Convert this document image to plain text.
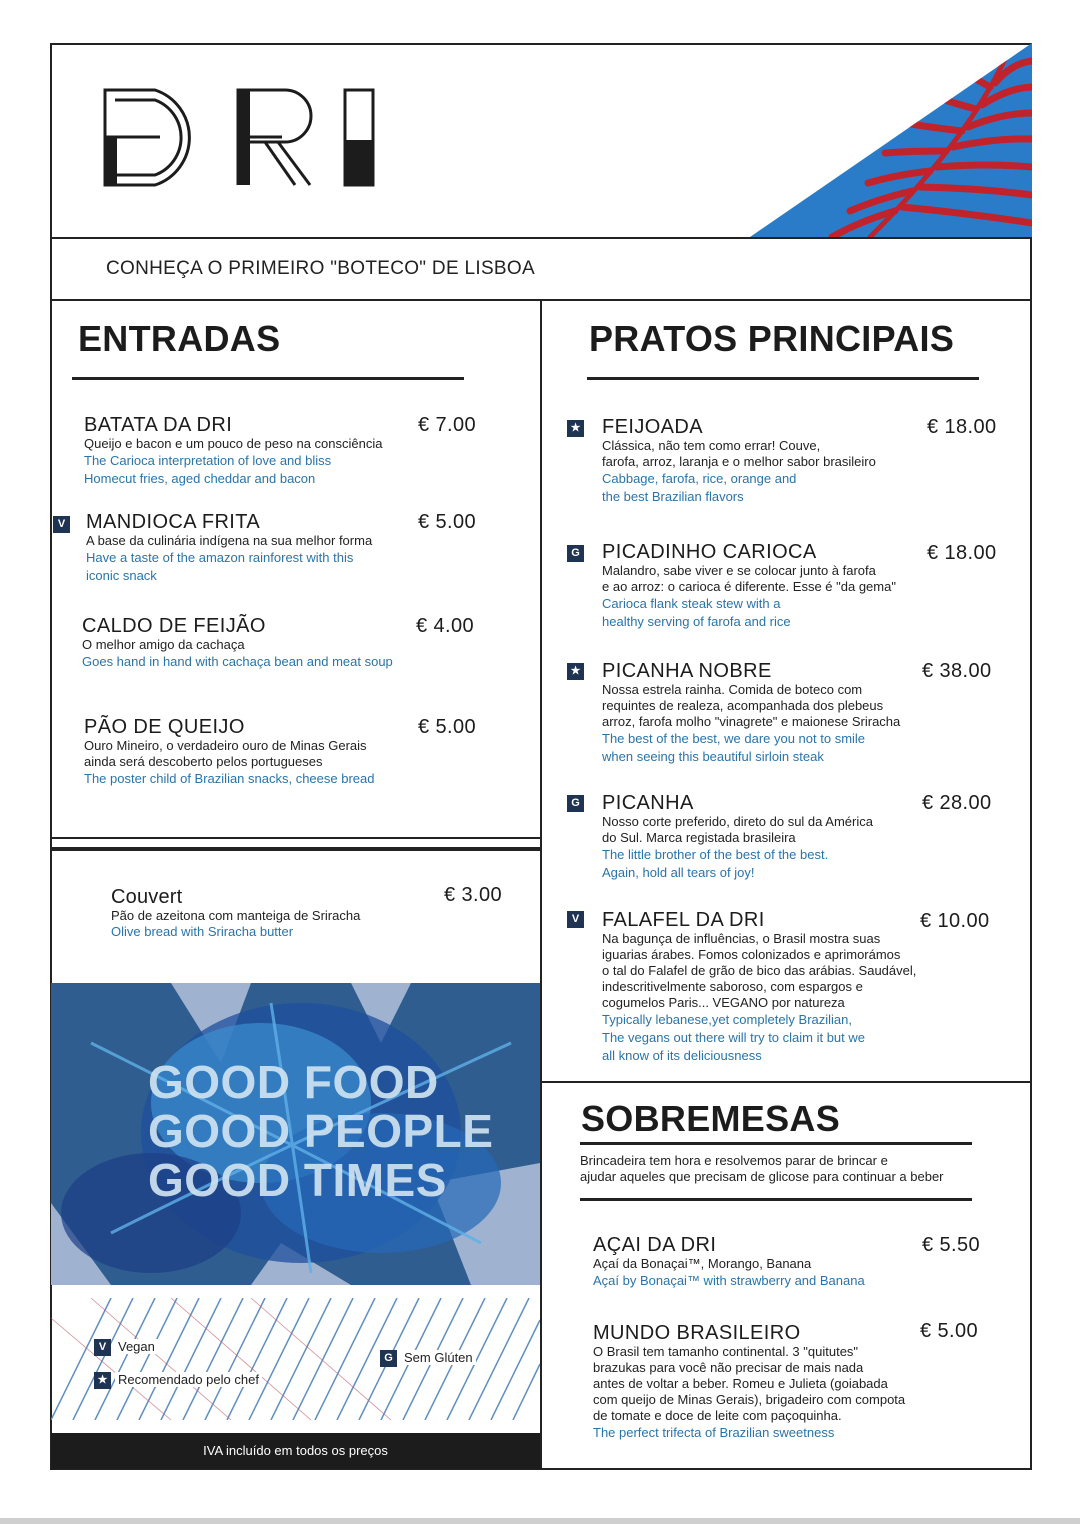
CONHEÇA O PRIMEIRO "BOTECO" DE LISBOA
ENTRADAS
BATATA DA DRI
Queijo e bacon e um pouco de peso na consciência
The Carioca interpretation of love and bliss
Homecut fries, aged cheddar and bacon
€ 7.00
V MANDIOCA FRITA
A base da culinária indígena na sua melhor forma
Have a taste of the amazon rainforest with this
iconic snack
€ 5.00
CALDO DE FEIJÃO
O melhor amigo da cachaça
Goes hand in hand with cachaça bean and meat soup
€ 4.00
PÃO DE QUEIJO
Ouro Mineiro, o verdadeiro ouro de Minas Gerais
ainda será descoberto pelos portugueses
The poster child of Brazilian snacks, cheese bread
€ 5.00
Couvert
Pão de azeitona com manteiga de Sriracha
Olive bread with Sriracha butter
€ 3.00
GOOD FOOD
GOOD PEOPLE
GOOD TIMES
V Vegan
★ Recomendado pelo chef
G Sem Glúten
IVA incluído em todos os preços
PRATOS PRINCIPAIS
★ FEIJOADA
Clássica, não tem como errar! Couve,
farofa, arroz, laranja e o melhor sabor brasileiro
Cabbage, farofa, rice, orange and
the best Brazilian flavors
€ 18.00
G PICADINHO CARIOCA
Malandro, sabe viver e se colocar junto à farofa
e ao arroz: o carioca é diferente. Esse é "da gema"
Carioca flank steak stew with a
healthy serving of farofa and rice
€ 18.00
★ PICANHA NOBRE
Nossa estrela rainha. Comida de boteco com
requintes de realeza, acompanhada dos plebeus
arroz, farofa molho "vinagrete" e maionese Sriracha
The best of the best, we dare you not to smile
when seeing this beautiful sirloin steak
€ 38.00
G PICANHA
Nosso corte preferido, direto do sul da América
do Sul. Marca registada brasileira
The little brother of the best of the best.
Again, hold all tears of joy!
€ 28.00
V FALAFEL DA DRI
Na bagunça de influências, o Brasil mostra suas
iguarias árabes. Fomos colonizados e aprimorámos
o tal do Falafel de grão de bico das arábias. Saudável,
indescritivelmente saboroso, com espargos e
cogumelos Paris... VEGANO por natureza
Typically lebanese,yet completely Brazilian,
The vegans out there will try to claim it but we
all know of its deliciousness
€ 10.00
SOBREMESAS
Brincadeira tem hora e resolvemos parar de brincar e
ajudar aqueles que precisam de glicose para continuar a beber
AÇAI DA DRI
Açaí da Bonaçai™, Morango, Banana
Açaí by Bonaçai™ with strawberry and Banana
€ 5.50
MUNDO BRASILEIRO
O Brasil tem tamanho continental. 3 "quitutes"
brazukas para você não precisar de mais nada
antes de voltar a beber. Romeu e Julieta (goiabada
com queijo de Minas Gerais), brigadeiro com compota
de tomate e doce de leite com paçoquinha.
The perfect trifecta of Brazilian sweetness
€ 5.00
